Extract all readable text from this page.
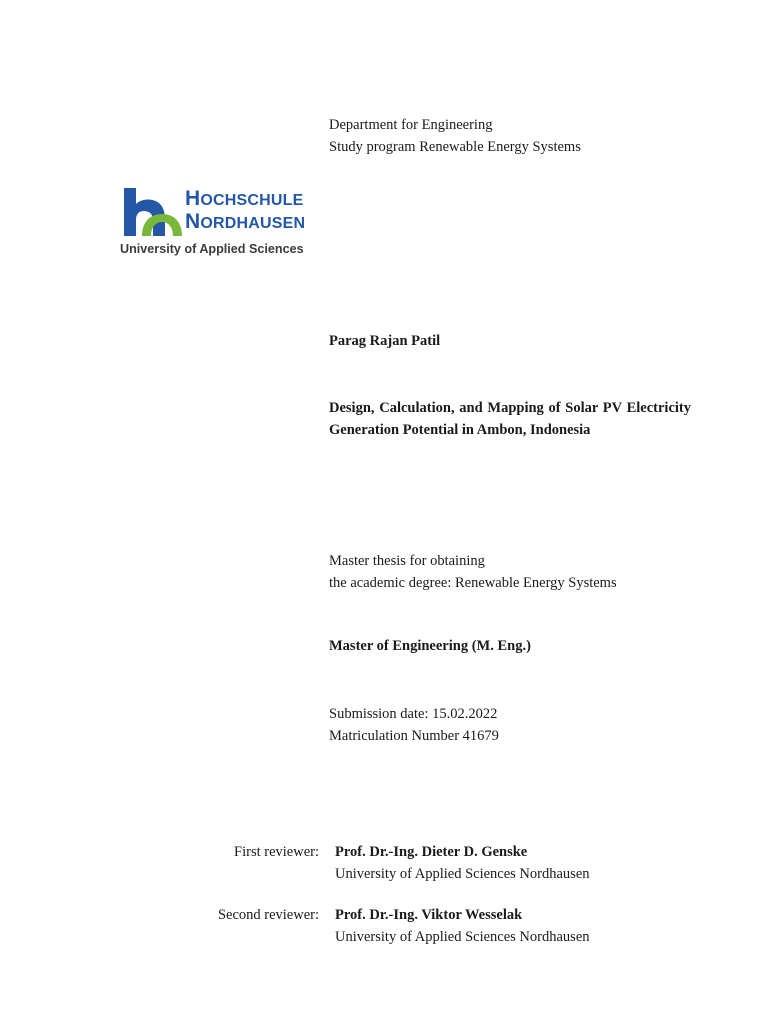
Department for Engineering
Study program Renewable Energy Systems
HOCHSCHULE
NORDHAUSEN
University of Applied Sciences
Parag Rajan Patil
Design, Calculation, and Mapping of Solar PV Electricity Generation Potential in Ambon, Indonesia
Master thesis for obtaining
the academic degree: Renewable Energy Systems
Master of Engineering (M. Eng.)
Submission date: 15.02.2022
Matriculation Number 41679
First reviewer: Prof. Dr.-Ing. Dieter D. Genske
University of Applied Sciences Nordhausen
Second reviewer: Prof. Dr.-Ing. Viktor Wesselak
University of Applied Sciences Nordhausen
